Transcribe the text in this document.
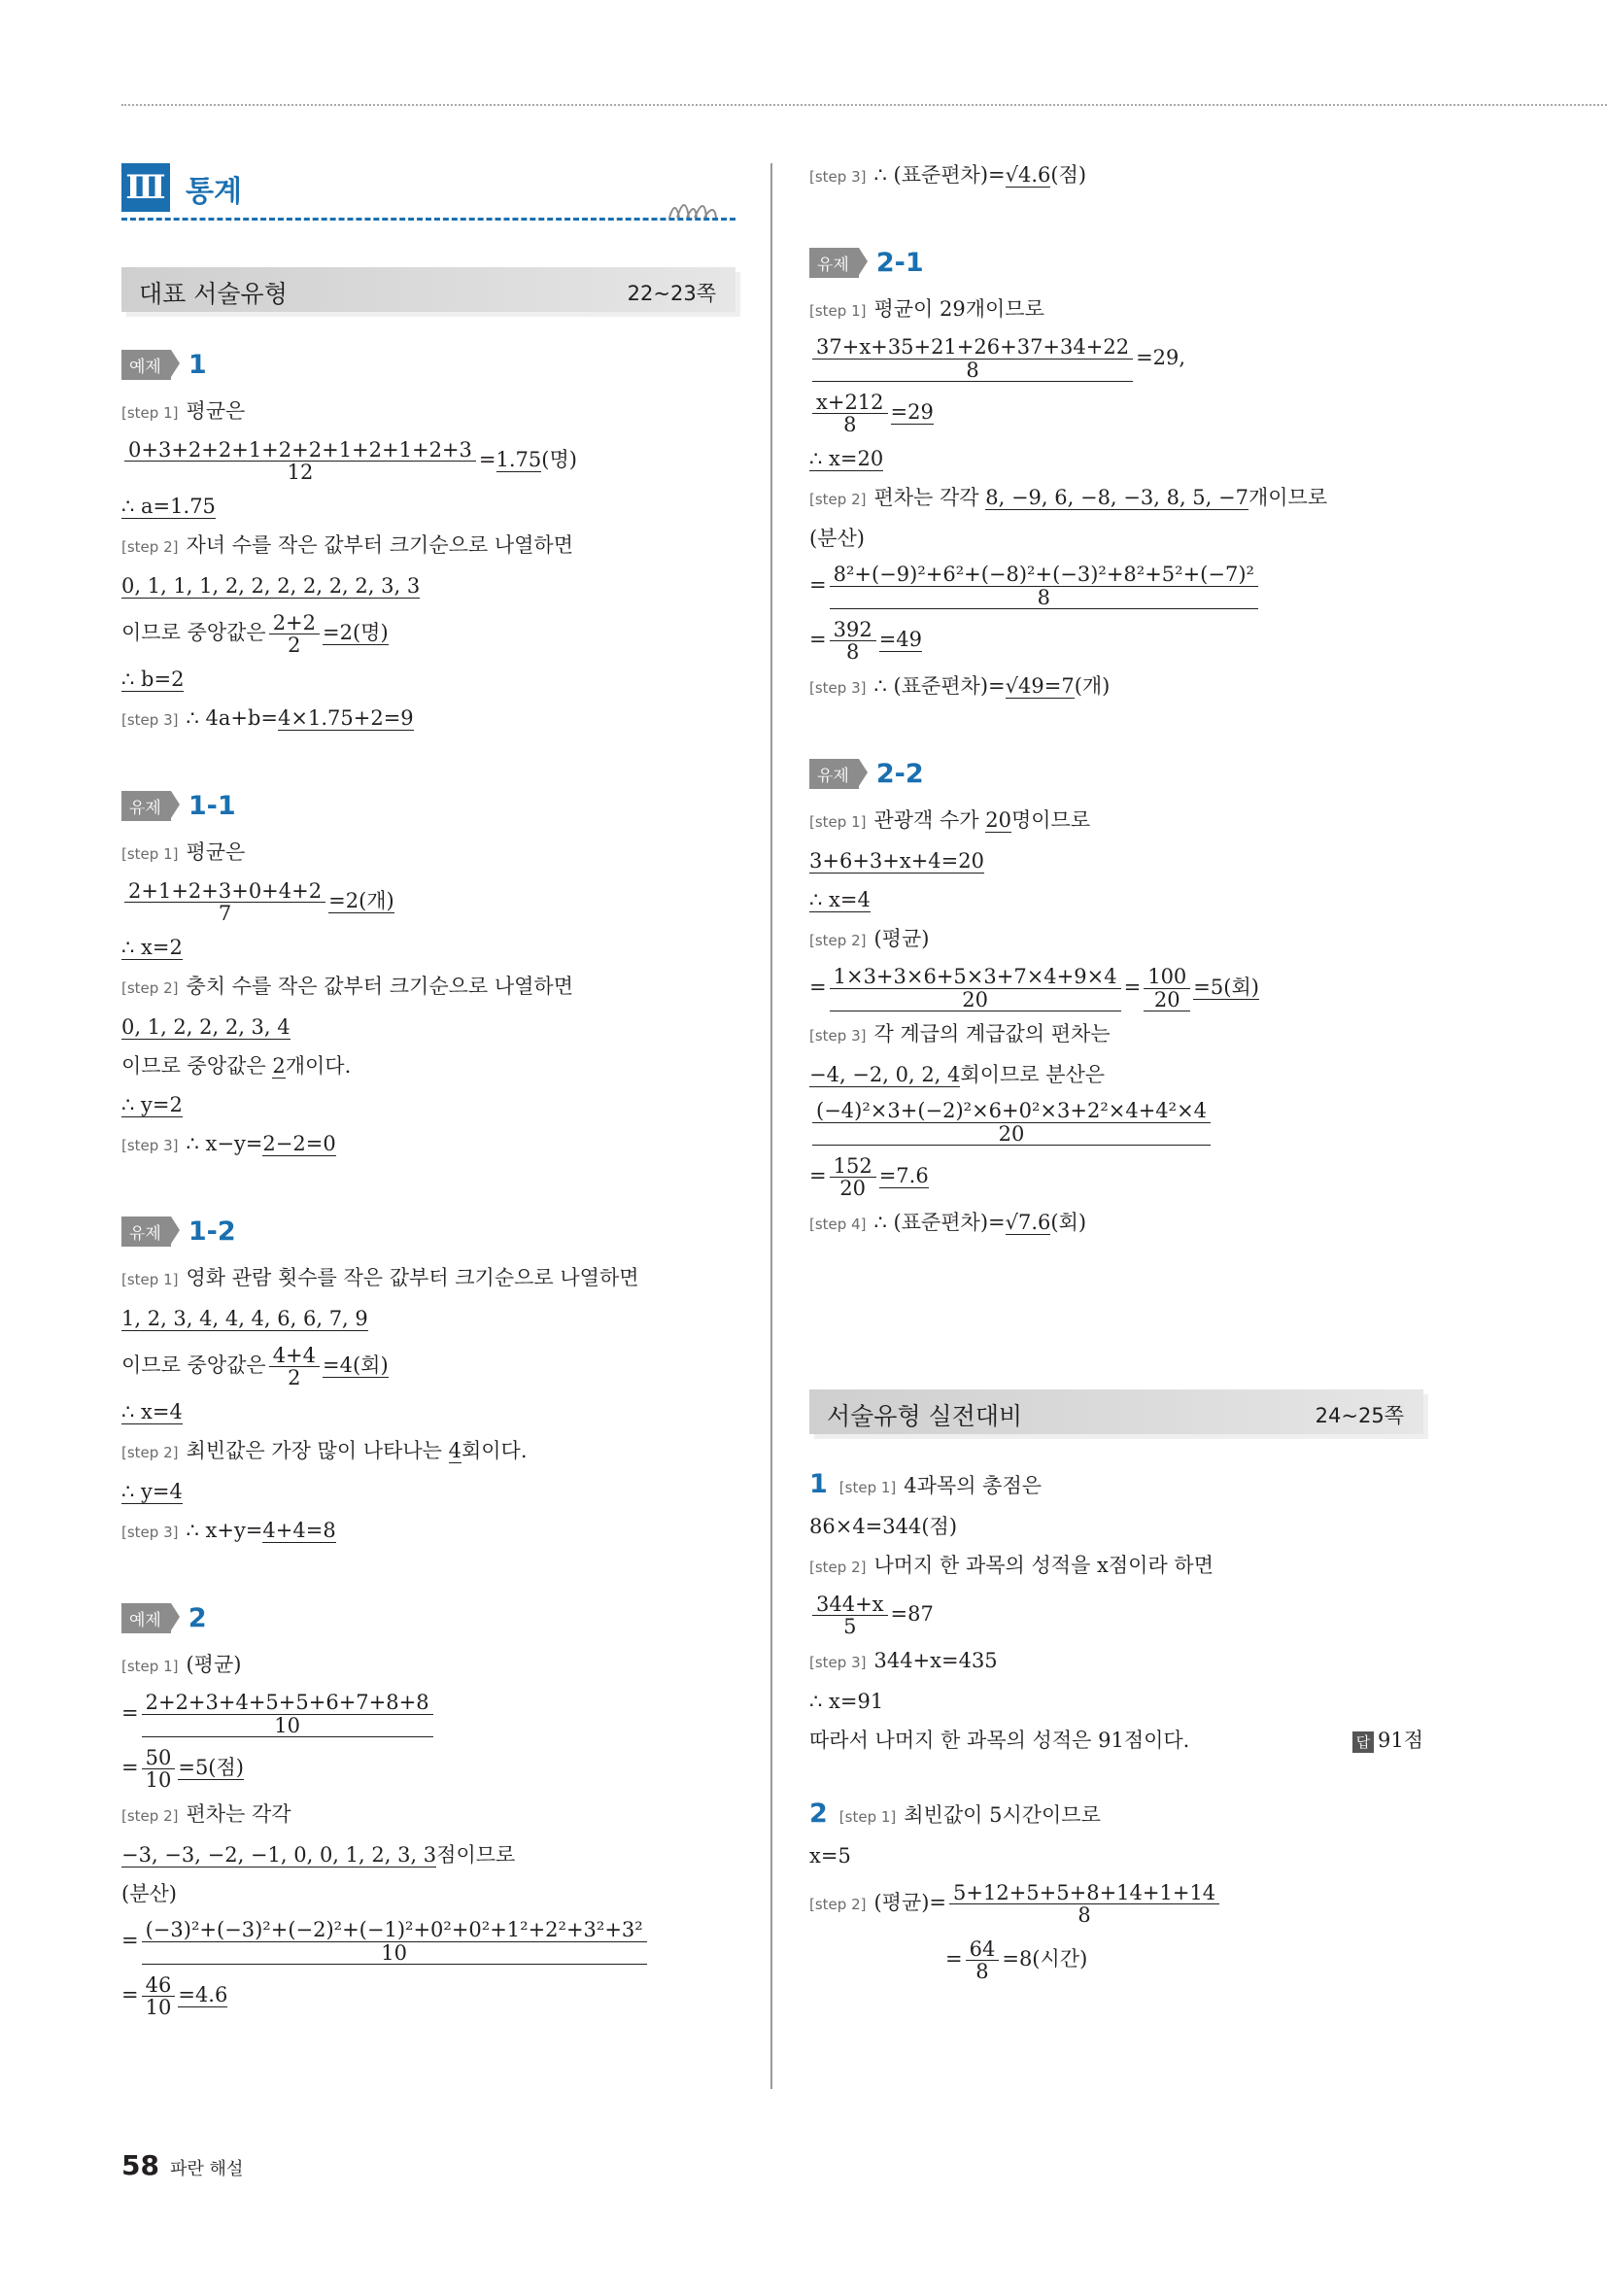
Ⅲ 통계
대표 서술유형	22~23쪽
예제	1
[step 1] 평균은
$\frac{0+3+2+2+1+2+2+1+2+1+2+3}{12} =1.75$(명)
∴ a=1.75
[step 2] 자녀 수를 작은 값부터 크기순으로 나열하면
0, 1, 1, 1, 2, 2, 2, 2, 2, 2, 3, 3
이므로 중앙값은 $\frac{2+2}{2} =2$(명)
∴ b=2
[step 3] ∴ 4a+b=4×1.75+2=9
유제	1-1
[step 1] 평균은
$\frac{2+1+2+3+0+4+2}{7} =2$(개)
∴ x=2
[step 2] 충치 수를 작은 값부터 크기순으로 나열하면
0, 1, 2, 2, 2, 3, 4
이므로 중앙값은 2개이다.
∴ y=2
[step 3] ∴ x−y=2−2=0
유제	1-2
[step 1] 영화 관람 횟수를 작은 값부터 크기순으로 나열하면
1, 2, 3, 4, 4, 4, 6, 6, 7, 9
이므로 중앙값은 $\frac{4+4}{2} =4$(회)
∴ x=4
[step 2] 최빈값은 가장 많이 나타나는 4회이다.
∴ y=4
[step 3] ∴ x+y=4+4=8
예제	2
[step 1] (평균)
= $\frac{2+2+3+4+5+5+6+7+8+8}{10}$
= $\frac{50}{10} =5$(점)
[step 2] 편차는 각각
−3, −3, −2, −1, 0, 0, 1, 2, 3, 3점이므로
(분산)
= $\frac{\text{(−3)²+(−3)²+(−2)²+(−1)²+0²+0²+1²+2²+3²+3²}}{10}$
= $\frac{46}{10} =4.6$
[step 3] ∴ (표준편차)=√4.6(점)
유제	2-1
[step 1] 평균이 29개이므로
$\frac{37+x+35+21+26+37+34+22}{8} =29$,
$\frac{x+212}{8} =29$
∴ x=20
[step 2] 편차는 각각 8, −9, 6, −8, −3, 8, 5, −7개이므로
(분산)
= $\frac{\text{8²+(−9)²+6²+(−8)²+(−3)²+8²+5²+(−7)²}}{8}$
= $\frac{392}{8} =49$
[step 3] ∴ (표준편차)=√49=7(개)
유제	2-2
[step 1] 관광객 수가 20명이므로
3+6+3+x+4=20
∴ x=4
[step 2] (평균)
= $\frac{1\times 3+3\times 6+5\times 3+7\times 4+9\times 4}{20} = \frac{100}{20} =5$(회)
[step 3] 각 계급의 계급값의 편차는
−4, −2, 0, 2, 4회이므로 분산은
$\frac{\text{(−4)²×3+(−2)²×6+0²×3+2²×4+4²×4}}{20}$
= $\frac{152}{20} =7.6$
[step 4] ∴ (표준편차)=√7.6(회)
서술유형 실전대비	24~25쪽
1 [step 1] 4과목의 총점은
86×4=344(점)
[step 2] 나머지 한 과목의 성적을 x점이라 하면
$\frac{344+x}{5} =87$
[step 3] 344+x=435
∴ x=91
따라서 나머지 한 과목의 성적은 91점이다.	답 91점
2 [step 1] 최빈값이 5시간이므로
x=5
[step 2] (평균)= $\frac{5+12+5+5+8+14+1+14}{8}$
= $\frac{64}{8} =8$(시간)
58 파란 해설
